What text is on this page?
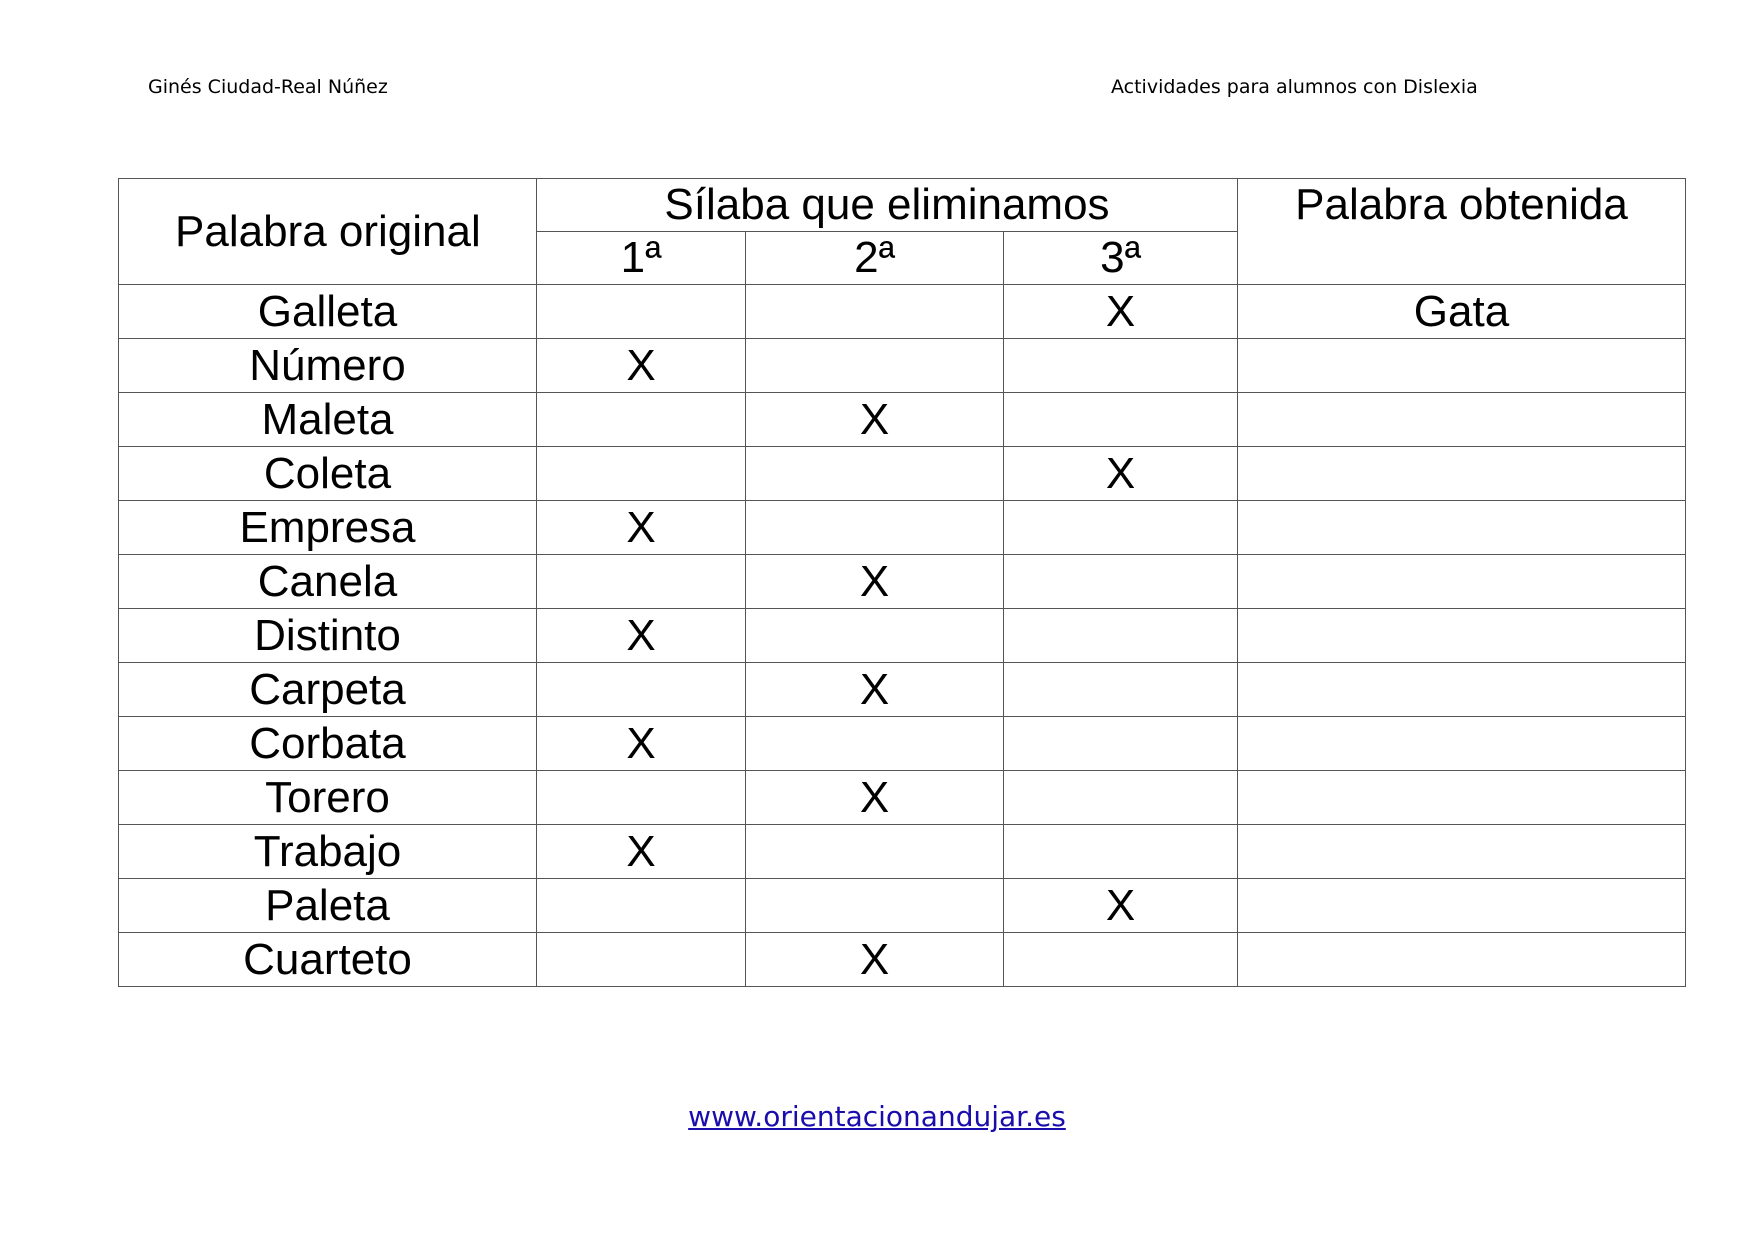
Ginés Ciudad-Real Núñez	Actividades para alumnos con Dislexia
Palabra original	Sílaba que eliminamos			Palabra obtenida
	1ª	2ª	3ª	
Galleta			X	Gata
Número	X			
Maleta		X		
Coleta			X	
Empresa	X			
Canela		X		
Distinto	X			
Carpeta		X		
Corbata	X			
Torero		X		
Trabajo	X			
Paleta			X	
Cuarteto		X		
www.orientacionandujar.es
